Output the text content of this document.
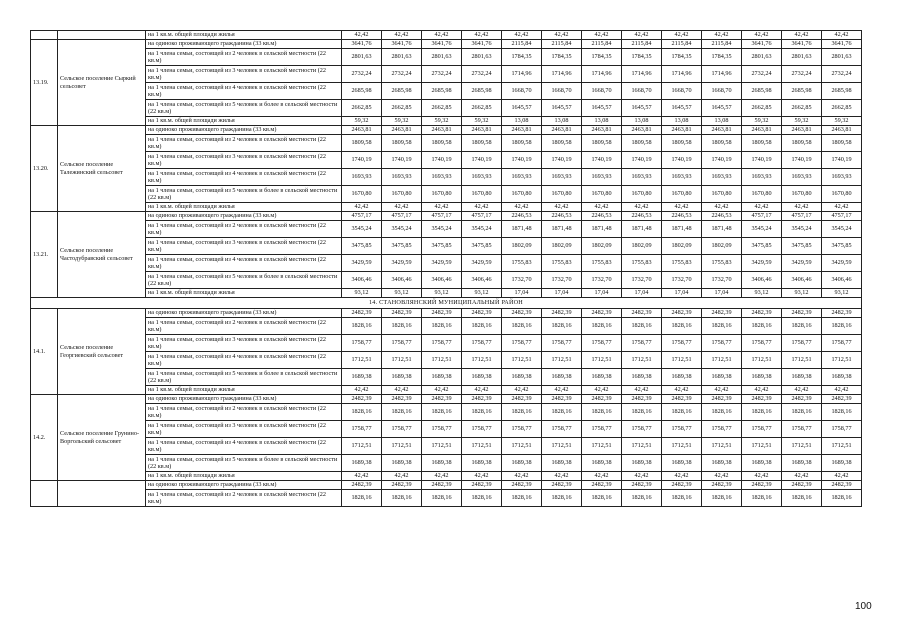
		на 1 кв.м. общей площади жилья	42,42	42,42	42,42	42,42	42,42	42,42	42,42	42,42	42,42	42,42	42,42	42,42	42,42
13.19.	Сельское поселение Сыркий сельсовет	на одиноко проживающего гражданина (33 кв.м)	3641,76	3641,76	3641,76	3641,76	2115,84	2115,84	2115,84	2115,84	2115,84	2115,84	3641,76	3641,76	3641,76
		на 1 члена семьи, состоящей из 2 человек в сельской местности (22 кв.м)	2801,63	2801,63	2801,63	2801,63	1784,35	1784,35	1784,35	1784,35	1784,35	1784,35	2801,63	2801,63	2801,63
		на 1 члена семьи, состоящей из 3 человек в сельской местности (22 кв.м)	2732,24	2732,24	2732,24	2732,24	1714,96	1714,96	1714,96	1714,96	1714,96	1714,96	2732,24	2732,24	2732,24
		на 1 члена семьи, состоящей из 4 человек в сельской местности (22 кв.м)	2685,98	2685,98	2685,98	2685,98	1668,70	1668,70	1668,70	1668,70	1668,70	1668,70	2685,98	2685,98	2685,98
		на 1 члена семьи, состоящей из 5 человек и более в сельской местности (22 кв.м)	2662,85	2662,85	2662,85	2662,85	1645,57	1645,57	1645,57	1645,57	1645,57	1645,57	2662,85	2662,85	2662,85
		на 1 кв.м. общей площади жилья	59,32	59,32	59,32	59,32	13,08	13,08	13,08	13,08	13,08	13,08	59,32	59,32	59,32
13.20.	Сельское поселение Талежинский сельсовет	на одиноко проживающего гражданина (33 кв.м)	2463,81	2463,81	2463,81	2463,81	2463,81	2463,81	2463,81	2463,81	2463,81	2463,81	2463,81	2463,81	2463,81
		на 1 члена семьи, состоящей из 2 человек в сельской местности (22 кв.м)	1809,58	1809,58	1809,58	1809,58	1809,58	1809,58	1809,58	1809,58	1809,58	1809,58	1809,58	1809,58	1809,58
		на 1 члена семьи, состоящей из 3 человек в сельской местности (22 кв.м)	1740,19	1740,19	1740,19	1740,19	1740,19	1740,19	1740,19	1740,19	1740,19	1740,19	1740,19	1740,19	1740,19
		на 1 члена семьи, состоящей из 4 человек в сельской местности (22 кв.м)	1693,93	1693,93	1693,93	1693,93	1693,93	1693,93	1693,93	1693,93	1693,93	1693,93	1693,93	1693,93	1693,93
		на 1 члена семьи, состоящей из 5 человек и более в сельской местности (22 кв.м)	1670,80	1670,80	1670,80	1670,80	1670,80	1670,80	1670,80	1670,80	1670,80	1670,80	1670,80	1670,80	1670,80
		на 1 кв.м. общей площади жилья	42,42	42,42	42,42	42,42	42,42	42,42	42,42	42,42	42,42	42,42	42,42	42,42	42,42
13.21.	Сельское поселение Частодубравский сельсовет	на одиноко проживающего гражданина (33 кв.м)	4757,17	4757,17	4757,17	4757,17	2246,53	2246,53	2246,53	2246,53	2246,53	2246,53	4757,17	4757,17	4757,17
		на 1 члена семьи, состоящей из 2 человек в сельской местности (22 кв.м)	3545,24	3545,24	3545,24	3545,24	1871,48	1871,48	1871,48	1871,48	1871,48	1871,48	3545,24	3545,24	3545,24
		на 1 члена семьи, состоящей из 3 человек в сельской местности (22 кв.м)	3475,85	3475,85	3475,85	3475,85	1802,09	1802,09	1802,09	1802,09	1802,09	1802,09	3475,85	3475,85	3475,85
		на 1 члена семьи, состоящей из 4 человек в сельской местности (22 кв.м)	3429,59	3429,59	3429,59	3429,59	1755,83	1755,83	1755,83	1755,83	1755,83	1755,83	3429,59	3429,59	3429,59
		на 1 члена семьи, состоящей из 5 человек и более в сельской местности (22 кв.м)	3406,46	3406,46	3406,46	3406,46	1732,70	1732,70	1732,70	1732,70	1732,70	1732,70	3406,46	3406,46	3406,46
		на 1 кв.м. общей площади жилья	93,12	93,12	93,12	93,12	17,04	17,04	17,04	17,04	17,04	17,04	93,12	93,12	93,12
14. СТАНОВЛЯНСКИЙ МУНИЦИПАЛЬНЫЙ РАЙОН															
14.1.	Сельское поселение Георгиевский сельсовет	на одиноко проживающего гражданина (33 кв.м)	2482,39	2482,39	2482,39	2482,39	2482,39	2482,39	2482,39	2482,39	2482,39	2482,39	2482,39	2482,39	2482,39
		на 1 члена семьи, состоящей из 2 человек в сельской местности (22 кв.м)	1828,16	1828,16	1828,16	1828,16	1828,16	1828,16	1828,16	1828,16	1828,16	1828,16	1828,16	1828,16	1828,16
		на 1 члена семьи, состоящей из 3 человек в сельской местности (22 кв.м)	1758,77	1758,77	1758,77	1758,77	1758,77	1758,77	1758,77	1758,77	1758,77	1758,77	1758,77	1758,77	1758,77
		на 1 члена семьи, состоящей из 4 человек в сельской местности (22 кв.м)	1712,51	1712,51	1712,51	1712,51	1712,51	1712,51	1712,51	1712,51	1712,51	1712,51	1712,51	1712,51	1712,51
		на 1 члена семьи, состоящей из 5 человек и более в сельской местности (22 кв.м)	1689,38	1689,38	1689,38	1689,38	1689,38	1689,38	1689,38	1689,38	1689,38	1689,38	1689,38	1689,38	1689,38
		на 1 кв.м. общей площади жилья	42,42	42,42	42,42	42,42	42,42	42,42	42,42	42,42	42,42	42,42	42,42	42,42	42,42
14.2.	Сельское поселение Грунино-Воргольский сельсовет	на одиноко проживающего гражданина (33 кв.м)	2482,39	2482,39	2482,39	2482,39	2482,39	2482,39	2482,39	2482,39	2482,39	2482,39	2482,39	2482,39	2482,39
		на 1 члена семьи, состоящей из 2 человек в сельской местности (22 кв.м)	1828,16	1828,16	1828,16	1828,16	1828,16	1828,16	1828,16	1828,16	1828,16	1828,16	1828,16	1828,16	1828,16
		на 1 члена семьи, состоящей из 3 человек в сельской местности (22 кв.м)	1758,77	1758,77	1758,77	1758,77	1758,77	1758,77	1758,77	1758,77	1758,77	1758,77	1758,77	1758,77	1758,77
		на 1 члена семьи, состоящей из 4 человек в сельской местности (22 кв.м)	1712,51	1712,51	1712,51	1712,51	1712,51	1712,51	1712,51	1712,51	1712,51	1712,51	1712,51	1712,51	1712,51
		на 1 члена семьи, состоящей из 5 человек и более в сельской местности (22 кв.м)	1689,38	1689,38	1689,38	1689,38	1689,38	1689,38	1689,38	1689,38	1689,38	1689,38	1689,38	1689,38	1689,38
		на 1 кв.м. общей площади жилья	42,42	42,42	42,42	42,42	42,42	42,42	42,42	42,42	42,42	42,42	42,42	42,42	42,42
		на одиноко проживающего гражданина (33 кв.м)	2482,39	2482,39	2482,39	2482,39	2482,39	2482,39	2482,39	2482,39	2482,39	2482,39	2482,39	2482,39	2482,39
		на 1 члена семьи, состоящей из 2 человек в сельской местности (22 кв.м)	1828,16	1828,16	1828,16	1828,16	1828,16	1828,16	1828,16	1828,16	1828,16	1828,16	1828,16	1828,16	1828,16
100
